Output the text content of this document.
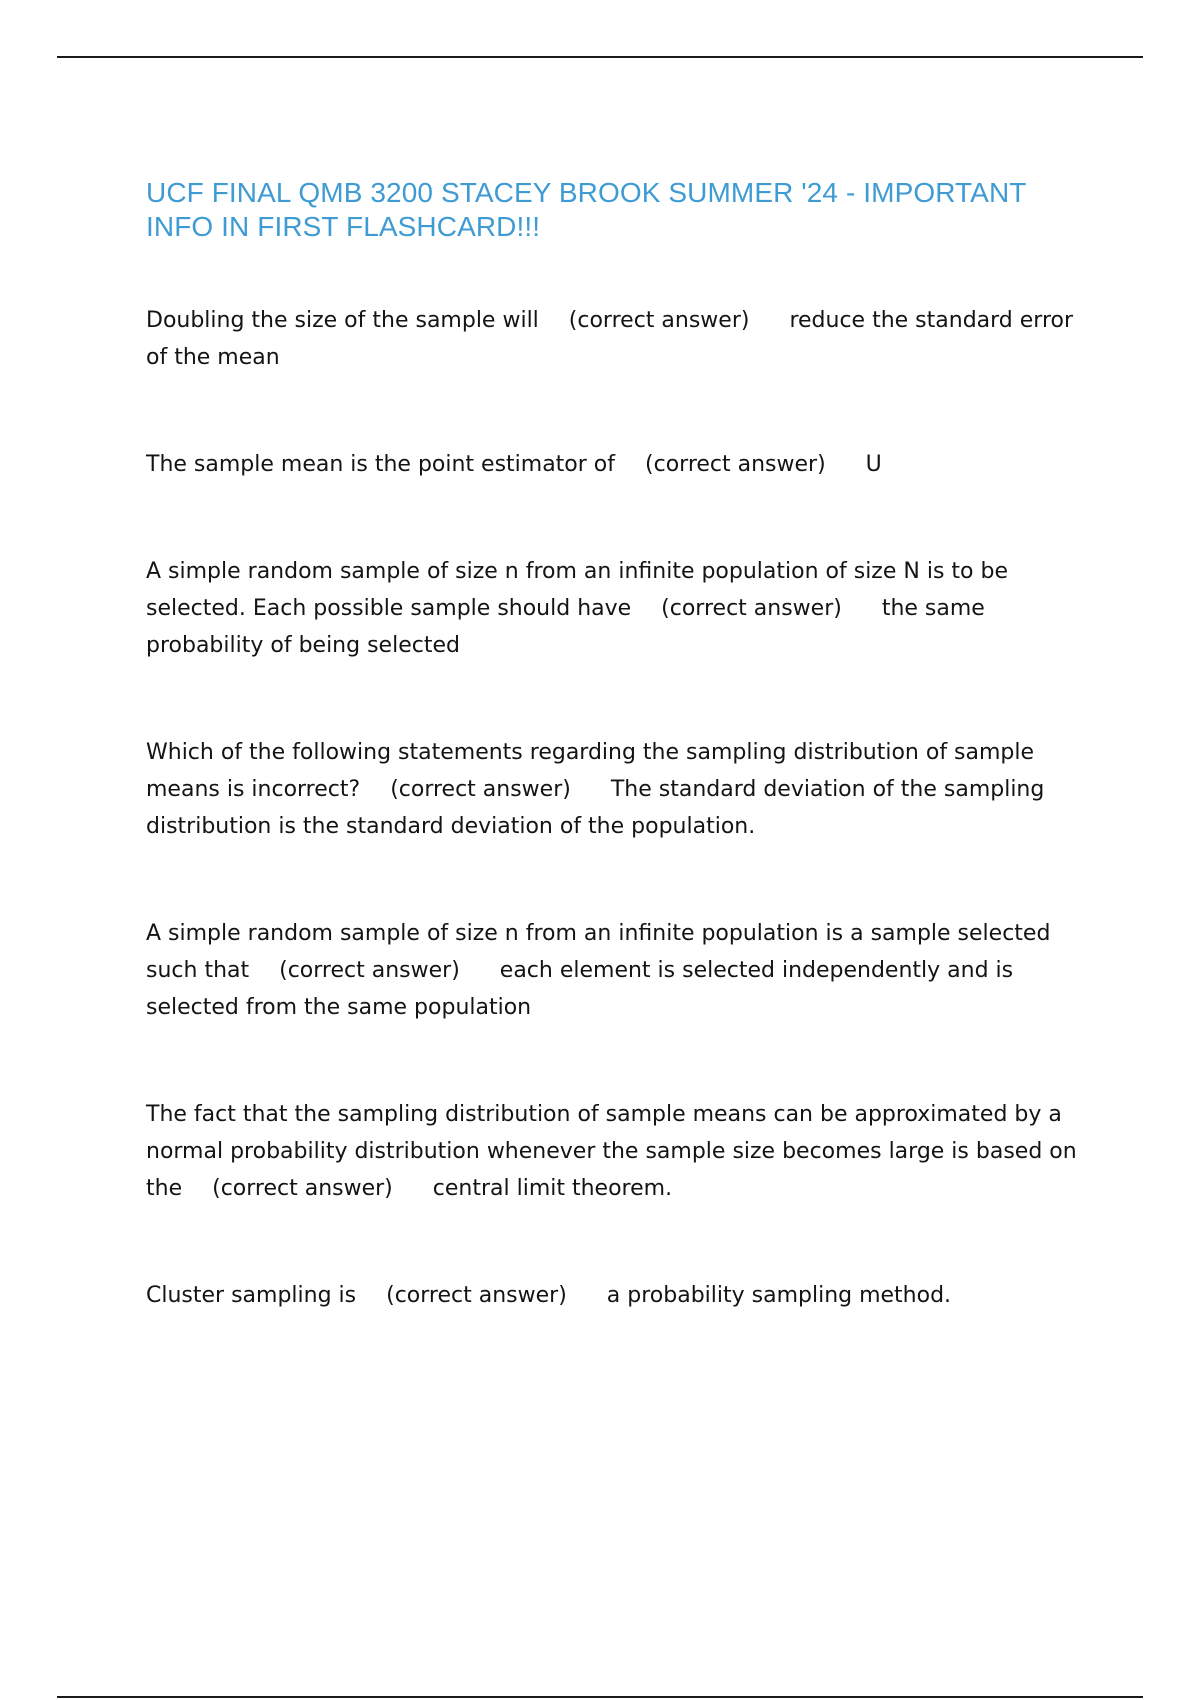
UCF FINAL QMB 3200 STACEY BROOK SUMMER '24 - IMPORTANT INFO IN FIRST FLASHCARD!!!

Doubling the size of the sample will (correct answer) reduce the standard error of the mean

The sample mean is the point estimator of (correct answer) U

A simple random sample of size n from an infinite population of size N is to be selected. Each possible sample should have (correct answer) the same probability of being selected

Which of the following statements regarding the sampling distribution of sample means is incorrect? (correct answer) The standard deviation of the sampling distribution is the standard deviation of the population.

A simple random sample of size n from an infinite population is a sample selected such that (correct answer) each element is selected independently and is selected from the same population

The fact that the sampling distribution of sample means can be approximated by a normal probability distribution whenever the sample size becomes large is based on the (correct answer) central limit theorem.

Cluster sampling is (correct answer) a probability sampling method.
